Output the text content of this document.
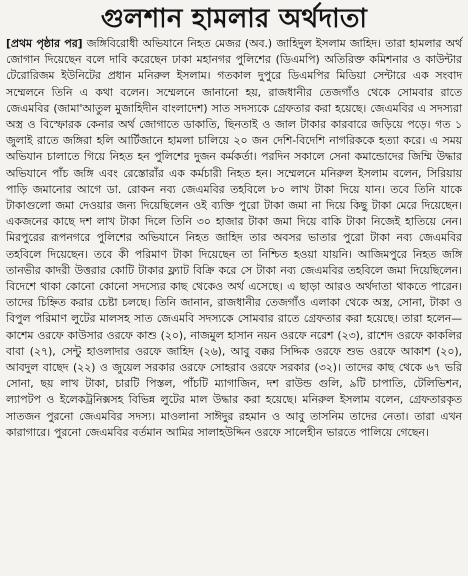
গুলশান হামলার অর্থদাতা

[প্রথম পৃষ্ঠার পর] জঙ্গিবিরোধী অভিযানে নিহত মেজর (অব.) জাহিদুল ইসলাম জাহিদ। তারা হামলার অর্থ জোগান দিয়েছেন বলে দাবি করেছেন ঢাকা মহানগর পুলিশের (ডিএমপি) অতিরিক্ত কমিশনার ও কাউন্টার টেরোরিজম ইউনিটের প্রধান মনিরুল ইসলাম। গতকাল দুপুরে ডিএমপির মিডিয়া সেন্টারে এক সংবাদ সম্মেলনে তিনি এ কথা বলেন। সম্মেলনে জানানো হয়, রাজধানীর তেজগাঁও থেকে সোমবার রাতে জেএমবির (জামা'আতুল মুজাহিদীন বাংলাদেশ) সাত সদস্যকে গ্রেফতার করা হয়েছে। জেএমবির এ সদস্যরা অস্ত্র ও বিস্ফোরক কেনার অর্থ জোগাতে ডাকাতি, ছিনতাই ও জাল টাকার কারবারে জড়িয়ে পড়ে। গত ১ জুলাই রাতে জঙ্গিরা হলি আর্টিজানে হামলা চালিয়ে ২০ জন দেশি-বিদেশি নাগরিককে হত্যা করে। এ সময় অভিযান চালাতে গিয়ে নিহত হন পুলিশের দুজন কর্মকর্তা। পরদিন সকালে সেনা কমান্ডোদের জিম্মি উদ্ধার অভিযানে পাঁচ জঙ্গি এবং রেস্তোরাঁর এক কর্মচারী নিহত হন। সম্মেলনে মনিরুল ইসলাম বলেন, সিরিয়ায় পাড়ি জমানোর আগে ডা. রোকন নব্য জেএমবির তহবিলে ৮০ লাখ টাকা দিয়ে যান। তবে তিনি যাকে টাকাগুলো জমা দেওয়ার জন্য দিয়েছিলেন ওই ব্যক্তি পুরো টাকা জমা না দিয়ে কিছু টাকা মেরে দিয়েছেন। একজনের কাছে দশ লাখ টাকা দিলে তিনি ৩০ হাজার টাকা জমা দিয়ে বাকি টাকা নিজেই হাতিয়ে নেন। মিরপুরের রূপনগরে পুলিশের অভিযানে নিহত জাহিদ তার অবসর ভাতার পুরো টাকা নব্য জেএমবির তহবিলে দিয়েছেন। তবে কী পরিমাণ টাকা দিয়েছেন তা নিশ্চিত হওয়া যায়নি। আজিমপুরে নিহত জঙ্গি তানভীর কাদরী উত্তরার কোটি টাকার ফ্ল্যাট বিক্রি করে সে টাকা নব্য জেএমবির তহবিলে জমা দিয়েছিলেন। বিদেশে থাকা কোনো কোনো সদস্যের কাছ থেকেও অর্থ এসেছে। এ ছাড়া আরও অর্থদাতা থাকতে পারেন। তাদের চিহ্নিত করার চেষ্টা চলছে। তিনি জানান, রাজধানীর তেজগাঁও এলাকা থেকে অস্ত্র, সোনা, টাকা ও বিপুল পরিমাণ লুটের মালসহ সাত জেএমবি সদস্যকে সোমবার রাতে গ্রেফতার করা হয়েছে। তারা হলেন— কাশেম ওরফে কাউসার ওরফে কাশু (২০), নাজমুল হাসান নয়ন ওরফে নরেশ (২৩), রাশেদ ওরফে কাকলির বাবা (২৭), সেন্টু হাওলাদার ওরফে জাহিদ (২৬), আবু বক্কর সিদ্দিক ওরফে শুভ ওরফে আকাশ (২০), আবদুল বাছেদ (২২) ও জুয়েল সরকার ওরফে সোহরাব ওরফে সরকার (৩২)। তাদের কাছ থেকে ৬৭ ভরি সোনা, ছয় লাখ টাকা, চারটি পিস্তল, পাঁচটি ম্যাগাজিন, দশ রাউন্ড গুলি, ৯টি চাপাতি, টেলিভিশন, ল্যাপটপ ও ইলেকট্রনিক্সসহ বিভিন্ন লুটের মাল উদ্ধার করা হয়েছে। মনিরুল ইসলাম বলেন, গ্রেফতারকৃত সাতজন পুরনো জেএমবির সদস্য। মাওলানা সাঈদুর রহমান ও আবু তাসনিম তাদের নেতা। তারা এখন কারাগারে। পুরনো জেএমবির বর্তমান আমির সালাহউদ্দিন ওরফে সালেহীন ভারতে পালিয়ে গেছেন।
